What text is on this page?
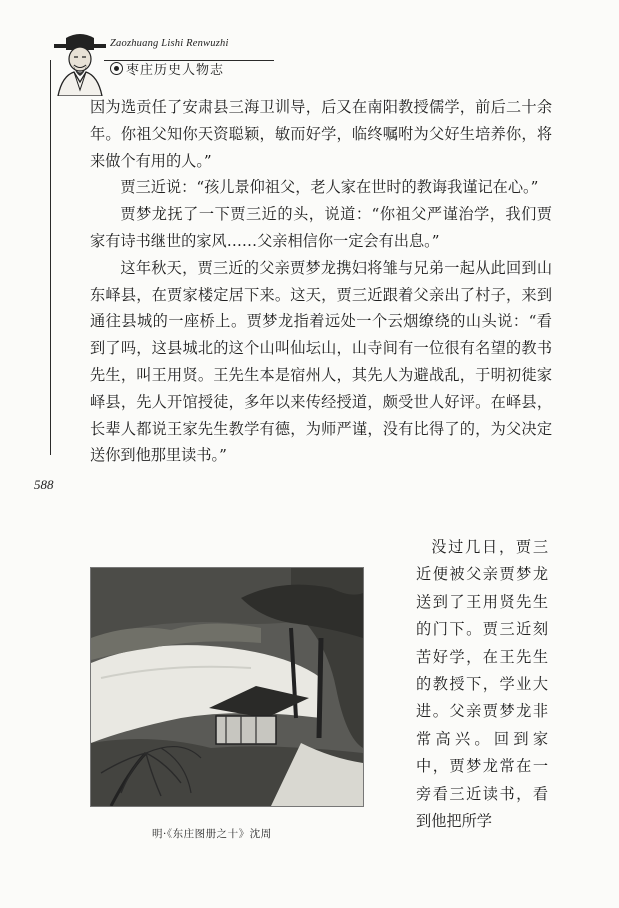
Zaozhuang Lishi Renwuzhi
枣庄历史人物志

因为选贡任了安肃县三海卫训导，后又在南阳教授儒学，前后二十余年。你祖父知你天资聪颖，敏而好学，临终嘱咐为父好生培养你，将来做个有用的人。”

贾三近说：“孩儿景仰祖父，老人家在世时的教诲我谨记在心。”

贾梦龙抚了一下贾三近的头，说道：“你祖父严谨治学，我们贾家有诗书继世的家风……父亲相信你一定会有出息。”

这年秋天，贾三近的父亲贾梦龙携妇将雏与兄弟一起从此回到山东峄县，在贾家楼定居下来。这天，贾三近跟着父亲出了村子，来到通往县城的一座桥上。贾梦龙指着远处一个云烟缭绕的山头说：“看到了吗，这县城北的这个山叫仙坛山，山寺间有一位很有名望的教书先生，叫王用贤。王先生本是宿州人，其先人为避战乱，于明初徙家峄县，先人开馆授徒，多年以来传经授道，颇受世人好评。在峄县，长辈人都说王家先生教学有德，为师严谨，没有比得了的，为父决定送你到他那里读书。”

588

没过几日，贾三近便被父亲贾梦龙送到了王用贤先生的门下。贾三近刻苦好学，在王先生的教授下，学业大进。父亲贾梦龙非常高兴。回到家中，贾梦龙常在一旁看三近读书，看到他把所学

明·《东庄图册之十》沈周
